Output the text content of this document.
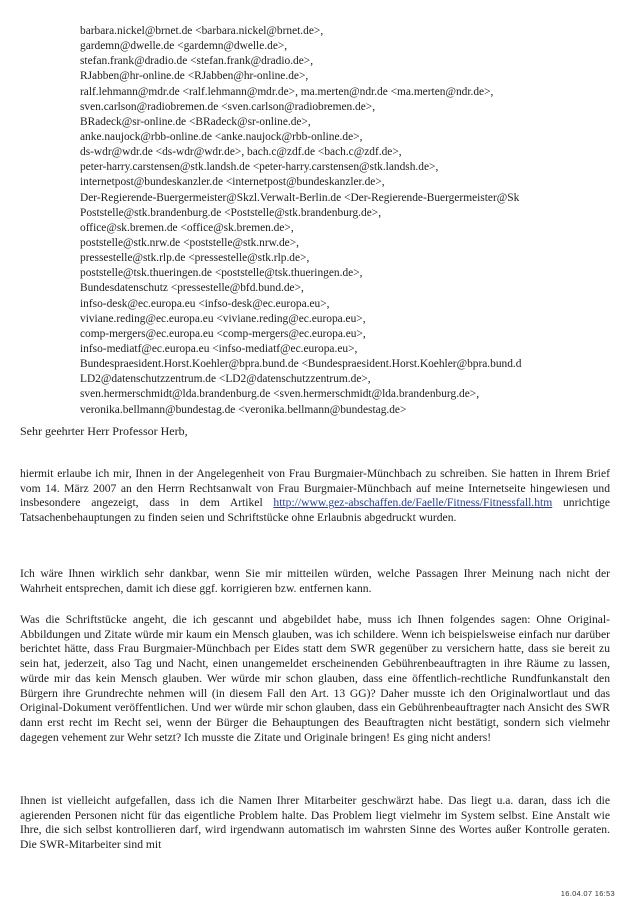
barbara.nickel@brnet.de <barbara.nickel@brnet.de>,
gardemn@dwelle.de <gardemn@dwelle.de>,
stefan.frank@dradio.de <stefan.frank@dradio.de>,
RJabben@hr-online.de <RJabben@hr-online.de>,
ralf.lehmann@mdr.de <ralf.lehmann@mdr.de>, ma.merten@ndr.de <ma.merten@ndr.de>,
sven.carlson@radiobremen.de <sven.carlson@radiobremen.de>,
BRadeck@sr-online.de <BRadeck@sr-online.de>,
anke.naujock@rbb-online.de <anke.naujock@rbb-online.de>,
ds-wdr@wdr.de <ds-wdr@wdr.de>, bach.c@zdf.de <bach.c@zdf.de>,
peter-harry.carstensen@stk.landsh.de <peter-harry.carstensen@stk.landsh.de>,
internetpost@bundeskanzler.de <internetpost@bundeskanzler.de>,
Der-Regierende-Buergermeister@Skzl.Verwalt-Berlin.de <Der-Regierende-Buergermeister@Sk
Poststelle@stk.brandenburg.de <Poststelle@stk.brandenburg.de>,
office@sk.bremen.de <office@sk.bremen.de>,
poststelle@stk.nrw.de <poststelle@stk.nrw.de>,
pressestelle@stk.rlp.de <pressestelle@stk.rlp.de>,
poststelle@tsk.thueringen.de <poststelle@tsk.thueringen.de>,
Bundesdatenschutz <pressestelle@bfd.bund.de>,
infso-desk@ec.europa.eu <infso-desk@ec.europa.eu>,
viviane.reding@ec.europa.eu <viviane.reding@ec.europa.eu>,
comp-mergers@ec.europa.eu <comp-mergers@ec.europa.eu>,
infso-mediatf@ec.europa.eu <infso-mediatf@ec.europa.eu>,
Bundespraesident.Horst.Koehler@bpra.bund.de <Bundespraesident.Horst.Koehler@bpra.bund.d
LD2@datenschutzzentrum.de <LD2@datenschutzzentrum.de>,
sven.hermerschmidt@lda.brandenburg.de <sven.hermerschmidt@lda.brandenburg.de>,
veronika.bellmann@bundestag.de <veronika.bellmann@bundestag.de>

Sehr geehrter Herr Professor Herb,

hiermit erlaube ich mir, Ihnen in der Angelegenheit von Frau Burgmaier-Münchbach zu schreiben. Sie hatten in Ihrem Brief vom 14. März 2007 an den Herrn Rechtsanwalt von Frau Burgmaier-Münchbach auf meine Internetseite hingewiesen und insbesondere angezeigt, dass in dem Artikel http://www.gez-abschaffen.de/Faelle/Fitness/Fitnessfall.htm unrichtige Tatsachenbehauptungen zu finden seien und Schriftstücke ohne Erlaubnis abgedruckt wurden.

Ich wäre Ihnen wirklich sehr dankbar, wenn Sie mir mitteilen würden, welche Passagen Ihrer Meinung nach nicht der Wahrheit entsprechen, damit ich diese ggf. korrigieren bzw. entfernen kann.

Was die Schriftstücke angeht, die ich gescannt und abgebildet habe, muss ich Ihnen folgendes sagen: Ohne Original-Abbildungen und Zitate würde mir kaum ein Mensch glauben, was ich schildere. Wenn ich beispielsweise einfach nur darüber berichtet hätte, dass Frau Burgmaier-Münchbach per Eides statt dem SWR gegenüber zu versichern hatte, dass sie bereit zu sein hat, jederzeit, also Tag und Nacht, einen unangemeldet erscheinenden Gebührenbeauftragten in ihre Räume zu lassen, würde mir das kein Mensch glauben. Wer würde mir schon glauben, dass eine öffentlich-rechtliche Rundfunkanstalt den Bürgern ihre Grundrechte nehmen will (in diesem Fall den Art. 13 GG)? Daher musste ich den Originalwortlaut und das Original-Dokument veröffentlichen. Und wer würde mir schon glauben, dass ein Gebührenbeauftragter nach Ansicht des SWR dann erst recht im Recht sei, wenn der Bürger die Behauptungen des Beauftragten nicht bestätigt, sondern sich vielmehr dagegen vehement zur Wehr setzt? Ich musste die Zitate und Originale bringen! Es ging nicht anders!

Ihnen ist vielleicht aufgefallen, dass ich die Namen Ihrer Mitarbeiter geschwärzt habe. Das liegt u.a. daran, dass ich die agierenden Personen nicht für das eigentliche Problem halte. Das Problem liegt vielmehr im System selbst. Eine Anstalt wie Ihre, die sich selbst kontrollieren darf, wird irgendwann automatisch im wahrsten Sinne des Wortes außer Kontrolle geraten. Die SWR-Mitarbeiter sind mit

16.04.07 16:53
